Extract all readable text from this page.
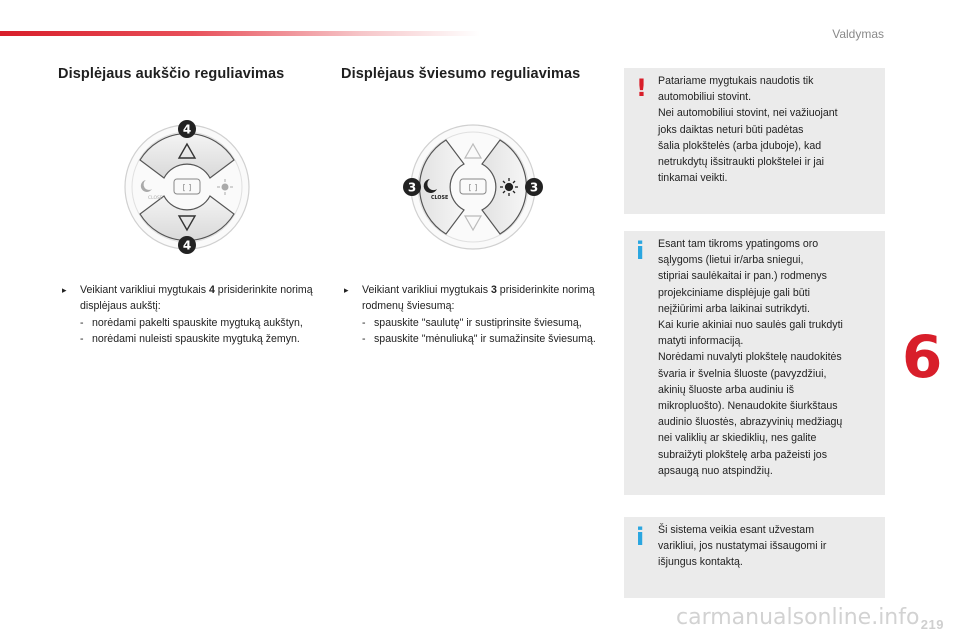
Valdymas
6
Displėjaus aukščio reguliavimas
[ ]
CLOSE
4
4
▸ Veikiant varikliui mygtukais 4 prisiderinkite norimą displėjaus aukštį:
- norėdami pakelti spauskite mygtuką aukštyn,
- norėdami nuleisti spauskite mygtuką žemyn.
Displėjaus šviesumo reguliavimas
[ ]
CLOSE
3	3
▸ Veikiant varikliui mygtukais 3 prisiderinkite norimą rodmenų šviesumą:
- spauskite "saulutę" ir sustiprinsite šviesumą,
- spauskite "mėnuliuką" ir sumažinsite šviesumą.
! Patariame mygtukais naudotis tik
automobiliui stovint.
Nei automobiliui stovint, nei važiuojant
joks daiktas neturi būti padėtas
šalia plokštelės (arba įduboje), kad
netrukdytų išsitraukti plokštelei ir jai
tinkamai veikti.
i Esant tam tikroms ypatingoms oro
sąlygoms (lietui ir/arba sniegui,
stipriai saulėkaitai ir pan.) rodmenys
projekciniame displėjuje gali būti
neįžiūrimi arba laikinai sutrikdyti.
Kai kurie akiniai nuo saulės gali trukdyti
matyti informaciją.
Norėdami nuvalyti plokštelę naudokitės
švaria ir švelnia šluoste (pavyzdžiui,
akinių šluoste arba audiniu iš
mikropluošto). Nenaudokite šiurkštaus
audinio šluostės, abrazyvinių medžiagų
nei valiklių ar skiediklių, nes galite
subraižyti plokštelę arba pažeisti jos
apsaugą nuo atspindžių.
i Ši sistema veikia esant užvestam
varikliui, jos nustatymai išsaugomi ir
išjungus kontaktą.
carmanualsonline.info 219
